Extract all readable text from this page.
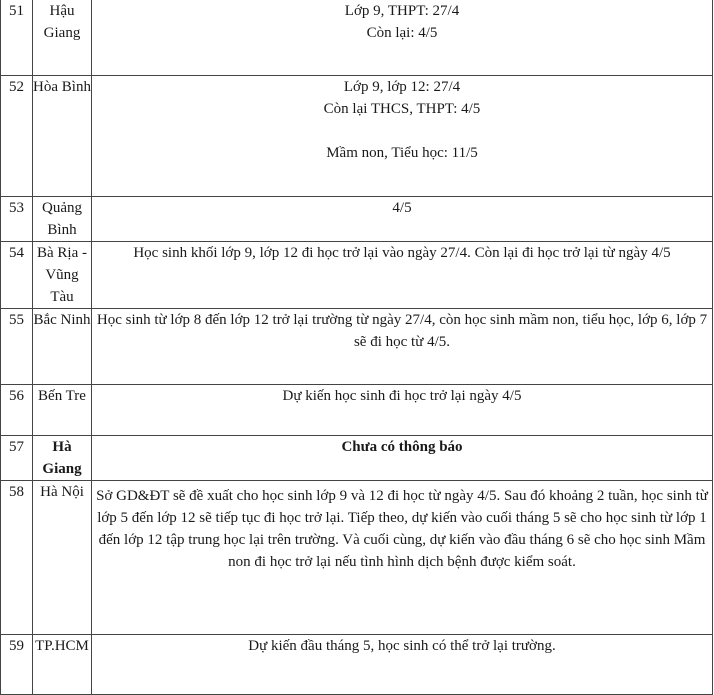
51	Hậu Giang	Lớp 9, THPT: 27/4

Còn lại: 4/5

52	Hòa Bình	Lớp 9, lớp 12: 27/4

Còn lại THCS, THPT: 4/5

Mầm non, Tiểu học: 11/5

53	Quảng Bình	4/5

54	Bà Rịa - Vũng Tàu	Học sinh khối lớp 9, lớp 12 đi học trở lại vào ngày 27/4. Còn lại đi học trở lại từ ngày 4/5

55	Bắc Ninh	Học sinh từ lớp 8 đến lớp 12 trở lại trường từ ngày 27/4, còn học sinh mầm non, tiểu học, lớp 6, lớp 7 sẽ đi học từ 4/5.

56	Bến Tre	Dự kiến học sinh đi học trở lại ngày 4/5

57	Hà Giang	Chưa có thông báo

58	Hà Nội	Sở GD&ĐT sẽ đề xuất cho học sinh lớp 9 và 12 đi học từ ngày 4/5. Sau đó khoảng 2 tuần, học sinh từ lớp 5 đến lớp 12 sẽ tiếp tục đi học trở lại. Tiếp theo, dự kiến vào cuối tháng 5 sẽ cho học sinh từ lớp 1 đến lớp 12 tập trung học lại trên trường. Và cuối cùng, dự kiến vào đầu tháng 6 sẽ cho học sinh Mầm non đi học trở lại nếu tình hình dịch bệnh được kiểm soát.

59	TP.HCM	Dự kiến đầu tháng 5, học sinh có thể trở lại trường.
